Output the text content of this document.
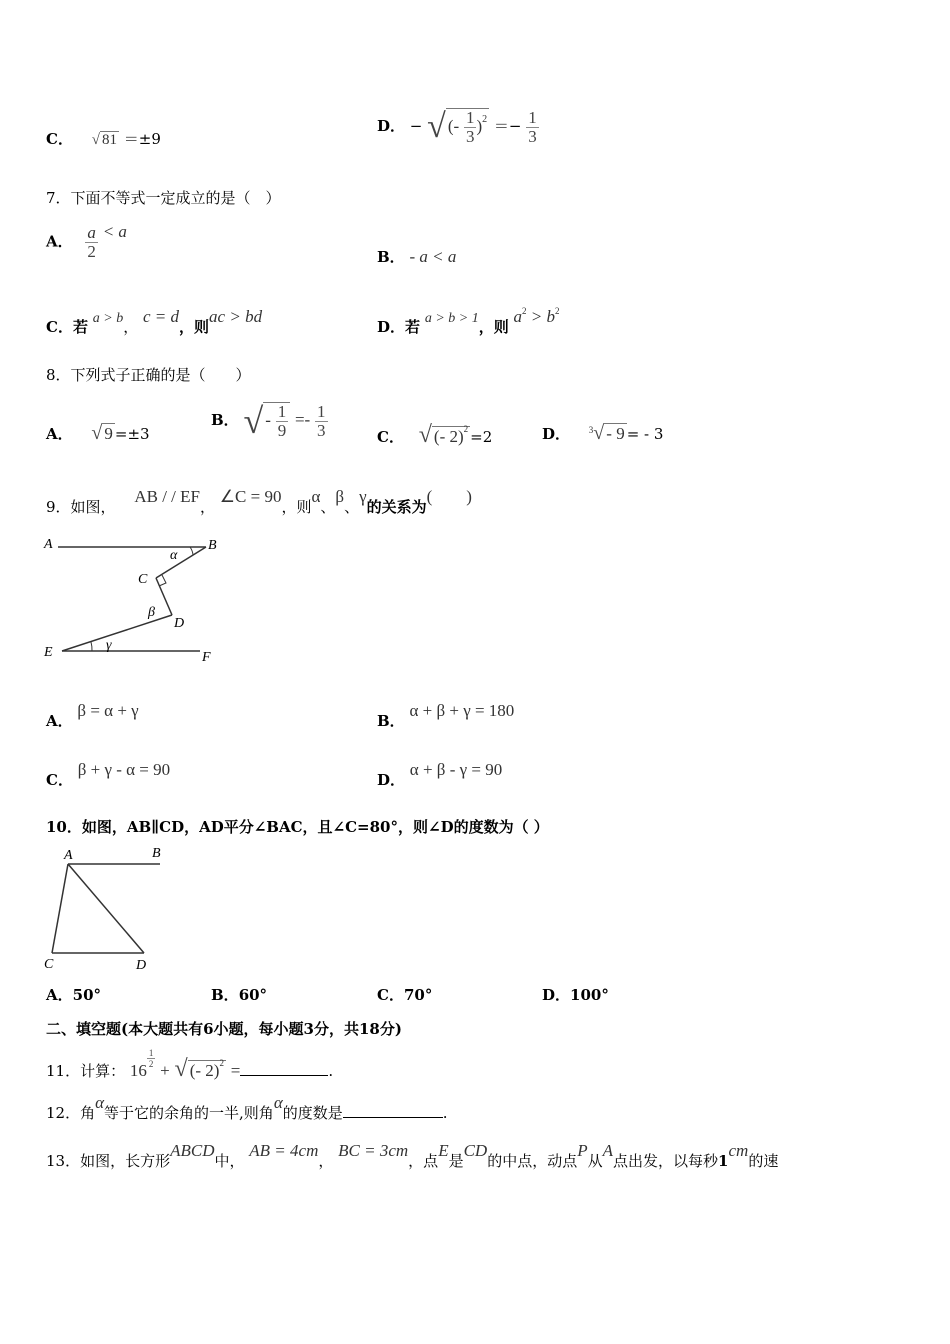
C． √ 81 ＝±9
D． − √ (- $\frac{1}{3} )^2 =- \frac{1}{3}$
7．下面不等式一定成立的是（　）
A． $\frac{a}{2} < a$
B． - a < a
C．若 a > b， c = d，则ac > bd
D．若 a > b > 1，则 $a^2 > b^2$
8．下列式子正确的是（　　）
A． √ 9 =±3
B． √ - $\frac{1}{9} =- \frac{1}{3}$	C． √ (- 2)$^2$ =2	D． $^3$√ - 9 = - 3
9．如图， AB / / EF， ∠C = 90，则α、β、γ的关系为(　　)
A	B
C
D
E	F
α
β
γ
A． β = α + γ
B． α + β + γ = 180
C． β + γ - α = 90
D． α + β - γ = 90
10．如图，AB∥CD，AD平分∠BAC，且∠C=80°，则∠D的度数为（ ）
A	B
C	D
A．50°	B．60°	C．70°	D．100°
二、填空题(本大题共有6小题，每小题3分，共18分)
11．计算： 16
$\frac{1}{2}$
+ √ (- 2)$^2$ =	.
12．角α等于它的余角的一半,则角α的度数是	.
13．如图，长方形ABCD中， AB = 4cm， BC = 3cm，点E是CD的中点，动点P从A点出发，以每秒1cm的速
